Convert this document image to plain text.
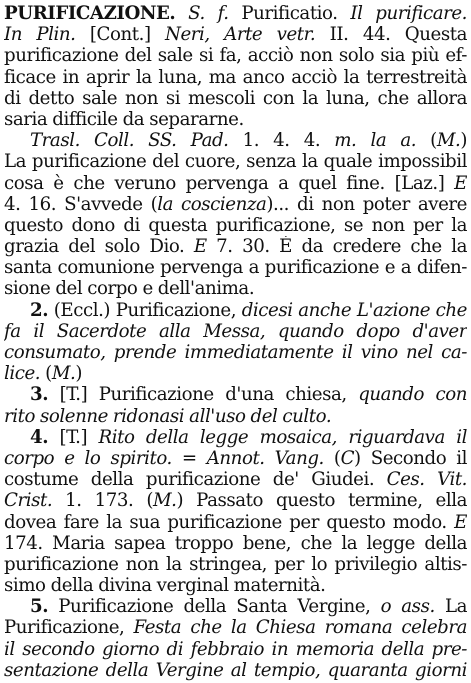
PURIFICAZIONE. S. f. Purificatio. Il purificare.
In Plin. [Cont.] Neri, Arte vetr. II. 44. Questa
purificazione del sale si fa, acciò non solo sia più ef-
ficace in aprir la luna, ma anco acciò la terrestreità
di detto sale non si mescoli con la luna, che allora
saria difficile da separarne.
Trasl. Coll. SS. Pad. 1. 4. 4. m. la a. (M.)
La purificazione del cuore, senza la quale impossibil
cosa è che veruno pervenga a quel fine. [Laz.] E
4. 16. S'avvede (la coscienza)... di non poter avere
questo dono di questa purificazione, se non per la
grazia del solo Dio. E 7. 30. È da credere che la
santa comunione pervenga a purificazione e a difen-
sione del corpo e dell'anima.
2. (Eccl.) Purificazione, dicesi anche L'azione che
fa il Sacerdote alla Messa, quando dopo d'aver
consumato, prende immediatamente il vino nel ca-
lice. (M.)
3. [T.] Purificazione d'una chiesa, quando con
rito solenne ridonasi all'uso del culto.
4. [T.] Rito della legge mosaica, riguardava il
corpo e lo spirito. = Annot. Vang. (C) Secondo il
costume della purificazione de' Giudei. Ces. Vit.
Crist. 1. 173. (M.) Passato questo termine, ella
dovea fare la sua purificazione per questo modo. E
174. Maria sapea troppo bene, che la legge della
purificazione non la stringea, per lo privilegio altis-
simo della divina verginal maternità.
5. Purificazione della Santa Vergine, o ass. La
Purificazione, Festa che la Chiesa romana celebra
il secondo giorno di febbraio in memoria della pre-
sentazione della Vergine al tempio, quaranta giorni
